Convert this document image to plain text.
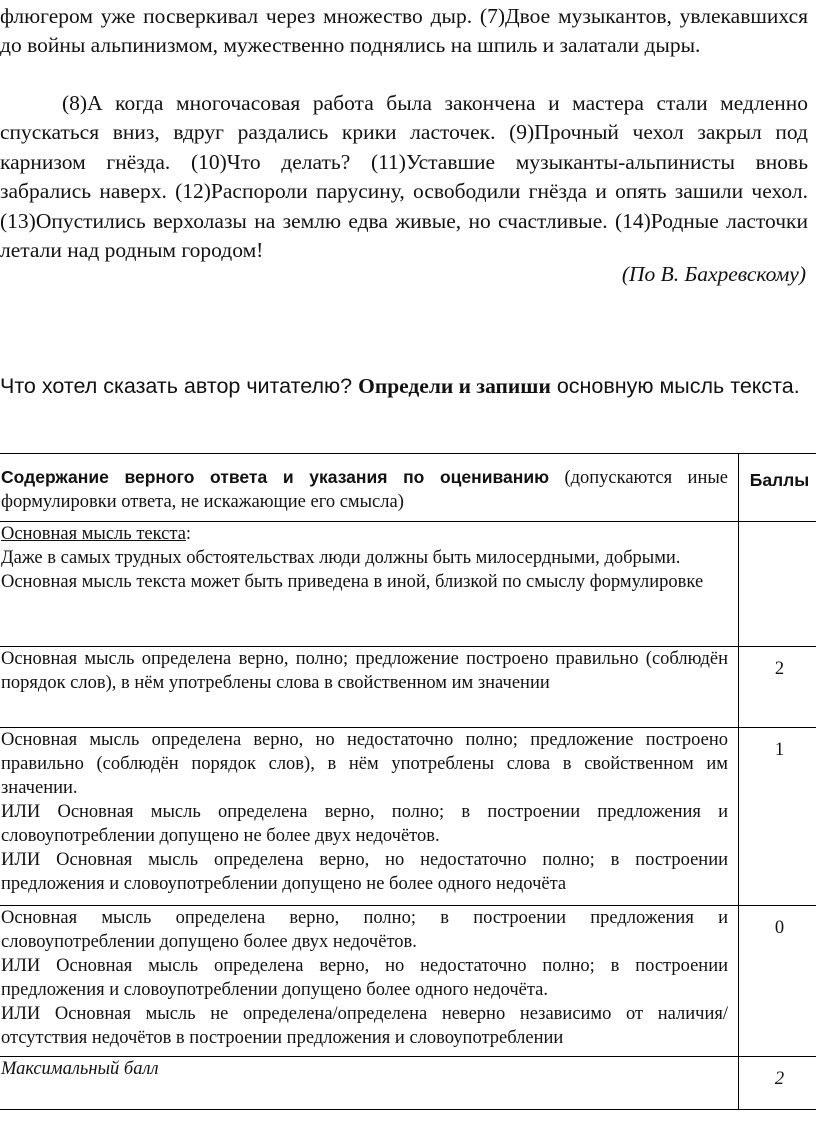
флюгером уже посверкивал через множество дыр. (7)Двое музыкантов, увлекавшихся до войны альпинизмом, мужественно поднялись на шпиль и залатали дыры.

(8)А когда многочасовая работа была закончена и мастера стали медленно спускаться вниз, вдруг раздались крики ласточек. (9)Прочный чехол закрыл под карнизом гнёзда. (10)Что делать? (11)Уставшие музыканты-альпинисты вновь забрались наверх. (12)Распороли парусину, освободили гнёзда и опять зашили чехол. (13)Опустились верхолазы на землю едва живые, но счастливые. (14)Родные ласточки летали над родным городом!

(По В. Бахревскому)

Что хотел сказать автор читателю? Определи и запиши основную мысль текста.

Содержание верного ответа и указания по оцениванию (допускаются иные формулировки ответа, не искажающие его смысла)	Баллы
Основная мысль текста:
Даже в самых трудных обстоятельствах люди должны быть милосердными, добрыми.
Основная мысль текста может быть приведена в иной, близкой по смыслу формулировке	

Основная мысль определена верно, полно; предложение построено правильно (соблюдён порядок слов), в нём употреблены слова в свойственном им значении	2

Основная мысль определена верно, но недостаточно полно; предложение построено правильно (соблюдён порядок слов), в нём употреблены слова в свойственном им значении.
ИЛИ Основная мысль определена верно, полно; в построении предложения и словоупотреблении допущено не более двух недочётов.
ИЛИ Основная мысль определена верно, но недостаточно полно; в построении предложения и словоупотреблении допущено не более одного недочёта	1

Основная мысль определена верно, полно; в построении предложения и словоупотреблении допущено более двух недочётов.
ИЛИ Основная мысль определена верно, но недостаточно полно; в построении предложения и словоупотреблении допущено более одного недочёта.
ИЛИ Основная мысль не определена/определена неверно независимо от наличия/отсутствия недочётов в построении предложения и словоупотреблении	0
Максимальный балл	2
